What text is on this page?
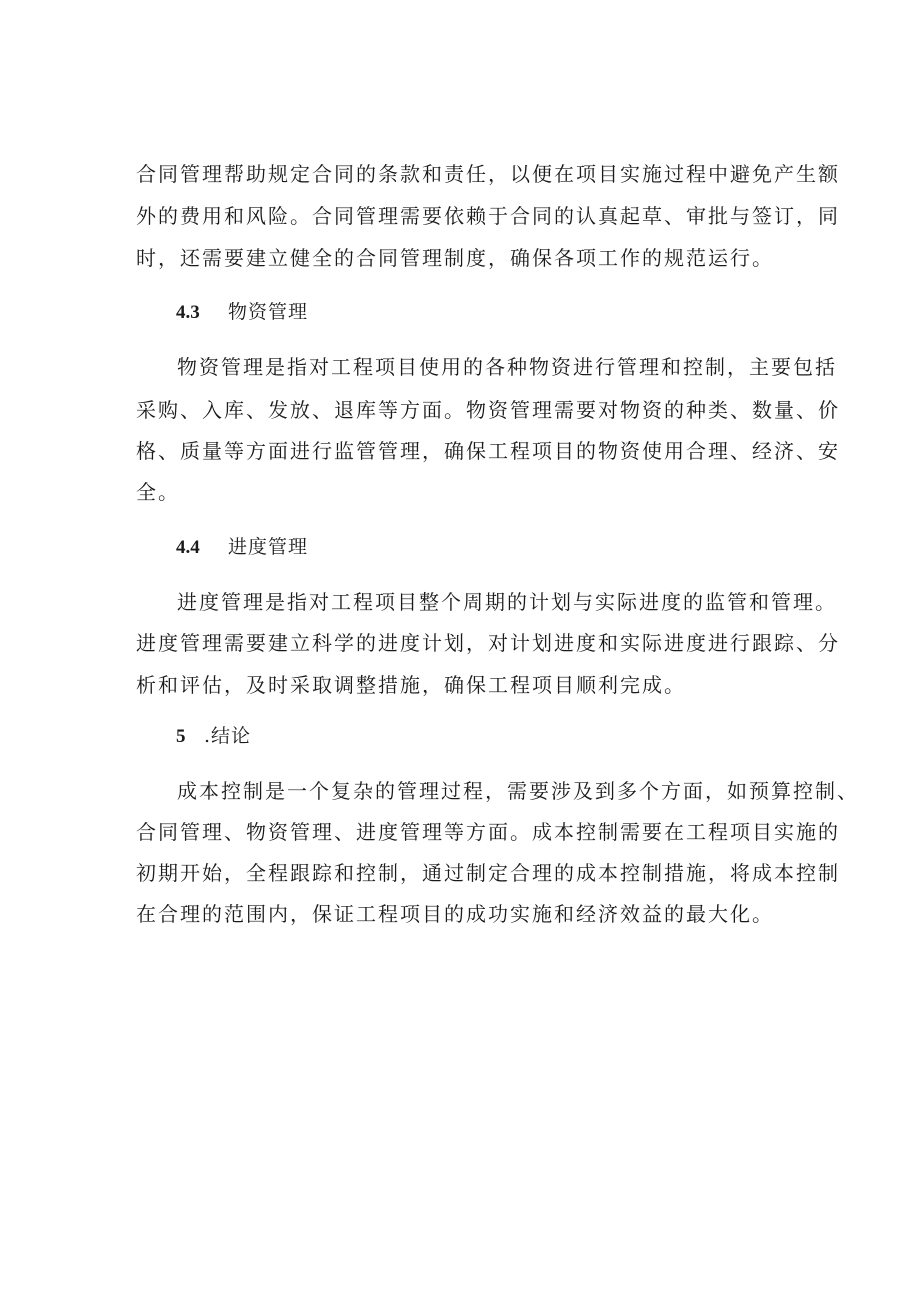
合同管理帮助规定合同的条款和责任，以便在项目实施过程中避免产生额
外的费用和风险。合同管理需要依赖于合同的认真起草、审批与签订，同
时，还需要建立健全的合同管理制度，确保各项工作的规范运行。
4.3 物资管理
物资管理是指对工程项目使用的各种物资进行管理和控制，主要包括
采购、入库、发放、退库等方面。物资管理需要对物资的种类、数量、价
格、质量等方面进行监管管理，确保工程项目的物资使用合理、经济、安
全。
4.4 进度管理
进度管理是指对工程项目整个周期的计划与实际进度的监管和管理。
进度管理需要建立科学的进度计划，对计划进度和实际进度进行跟踪、分
析和评估，及时采取调整措施，确保工程项目顺利完成。
5 .结论
成本控制是一个复杂的管理过程，需要涉及到多个方面，如预算控制、
合同管理、物资管理、进度管理等方面。成本控制需要在工程项目实施的
初期开始，全程跟踪和控制，通过制定合理的成本控制措施，将成本控制
在合理的范围内，保证工程项目的成功实施和经济效益的最大化。
